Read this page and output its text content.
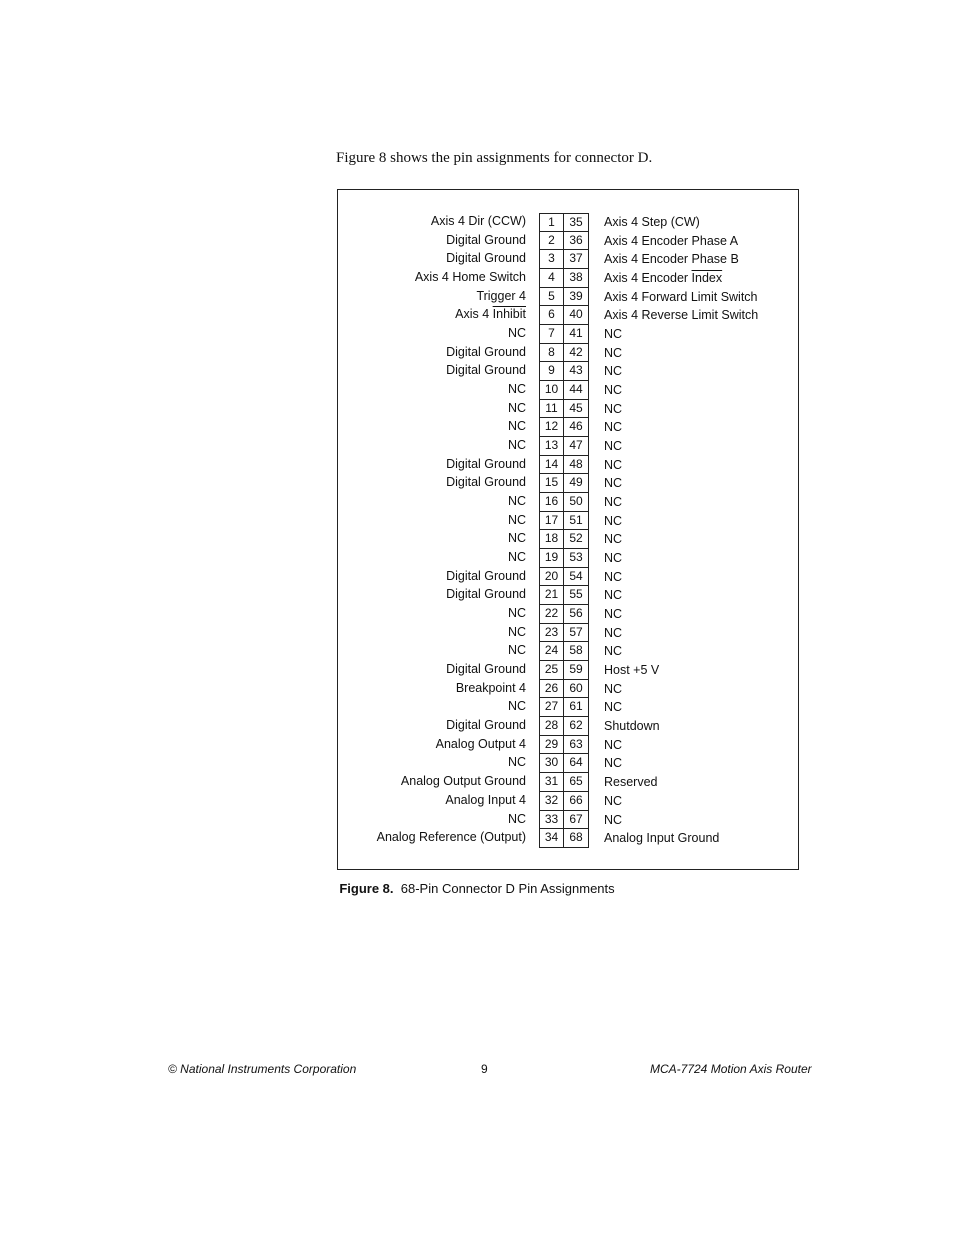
Figure 8 shows the pin assignments for connector D.
Axis 4 Dir (CCW)	1	35	Axis 4 Step (CW)
Digital Ground	2	36	Axis 4 Encoder Phase A
Digital Ground	3	37	Axis 4 Encoder Phase B
Axis 4 Home Switch	4	38	Axis 4 Encoder Index
Trigger 4	5	39	Axis 4 Forward Limit Switch
Axis 4 Inhibit	6	40	Axis 4 Reverse Limit Switch
NC	7	41	NC
Digital Ground	8	42	NC
Digital Ground	9	43	NC
NC	10 44	NC
NC	11 45	NC
NC	12 46	NC
NC	13 47	NC
Digital Ground	14 48	NC
Digital Ground	15 49	NC
NC	16 50	NC
NC	17 51	NC
NC	18 52	NC
NC	19 53	NC
Digital Ground	20 54	NC
Digital Ground	21 55	NC
NC	22 56	NC
NC	23 57	NC
NC	24 58	NC
Digital Ground	25 59	Host +5 V
Breakpoint 4	26 60	NC
NC	27 61	NC
Digital Ground	28 62	Shutdown
Analog Output 4	29 63	NC
NC	30 64	NC
Analog Output Ground	31 65	Reserved
Analog Input 4	32 66	NC
NC	33 67	NC
Analog Reference (Output)	34 68	Analog Input Ground
Figure 8. 68-Pin Connector D Pin Assignments
© National Instruments Corporation	9	MCA-7724 Motion Axis Router
